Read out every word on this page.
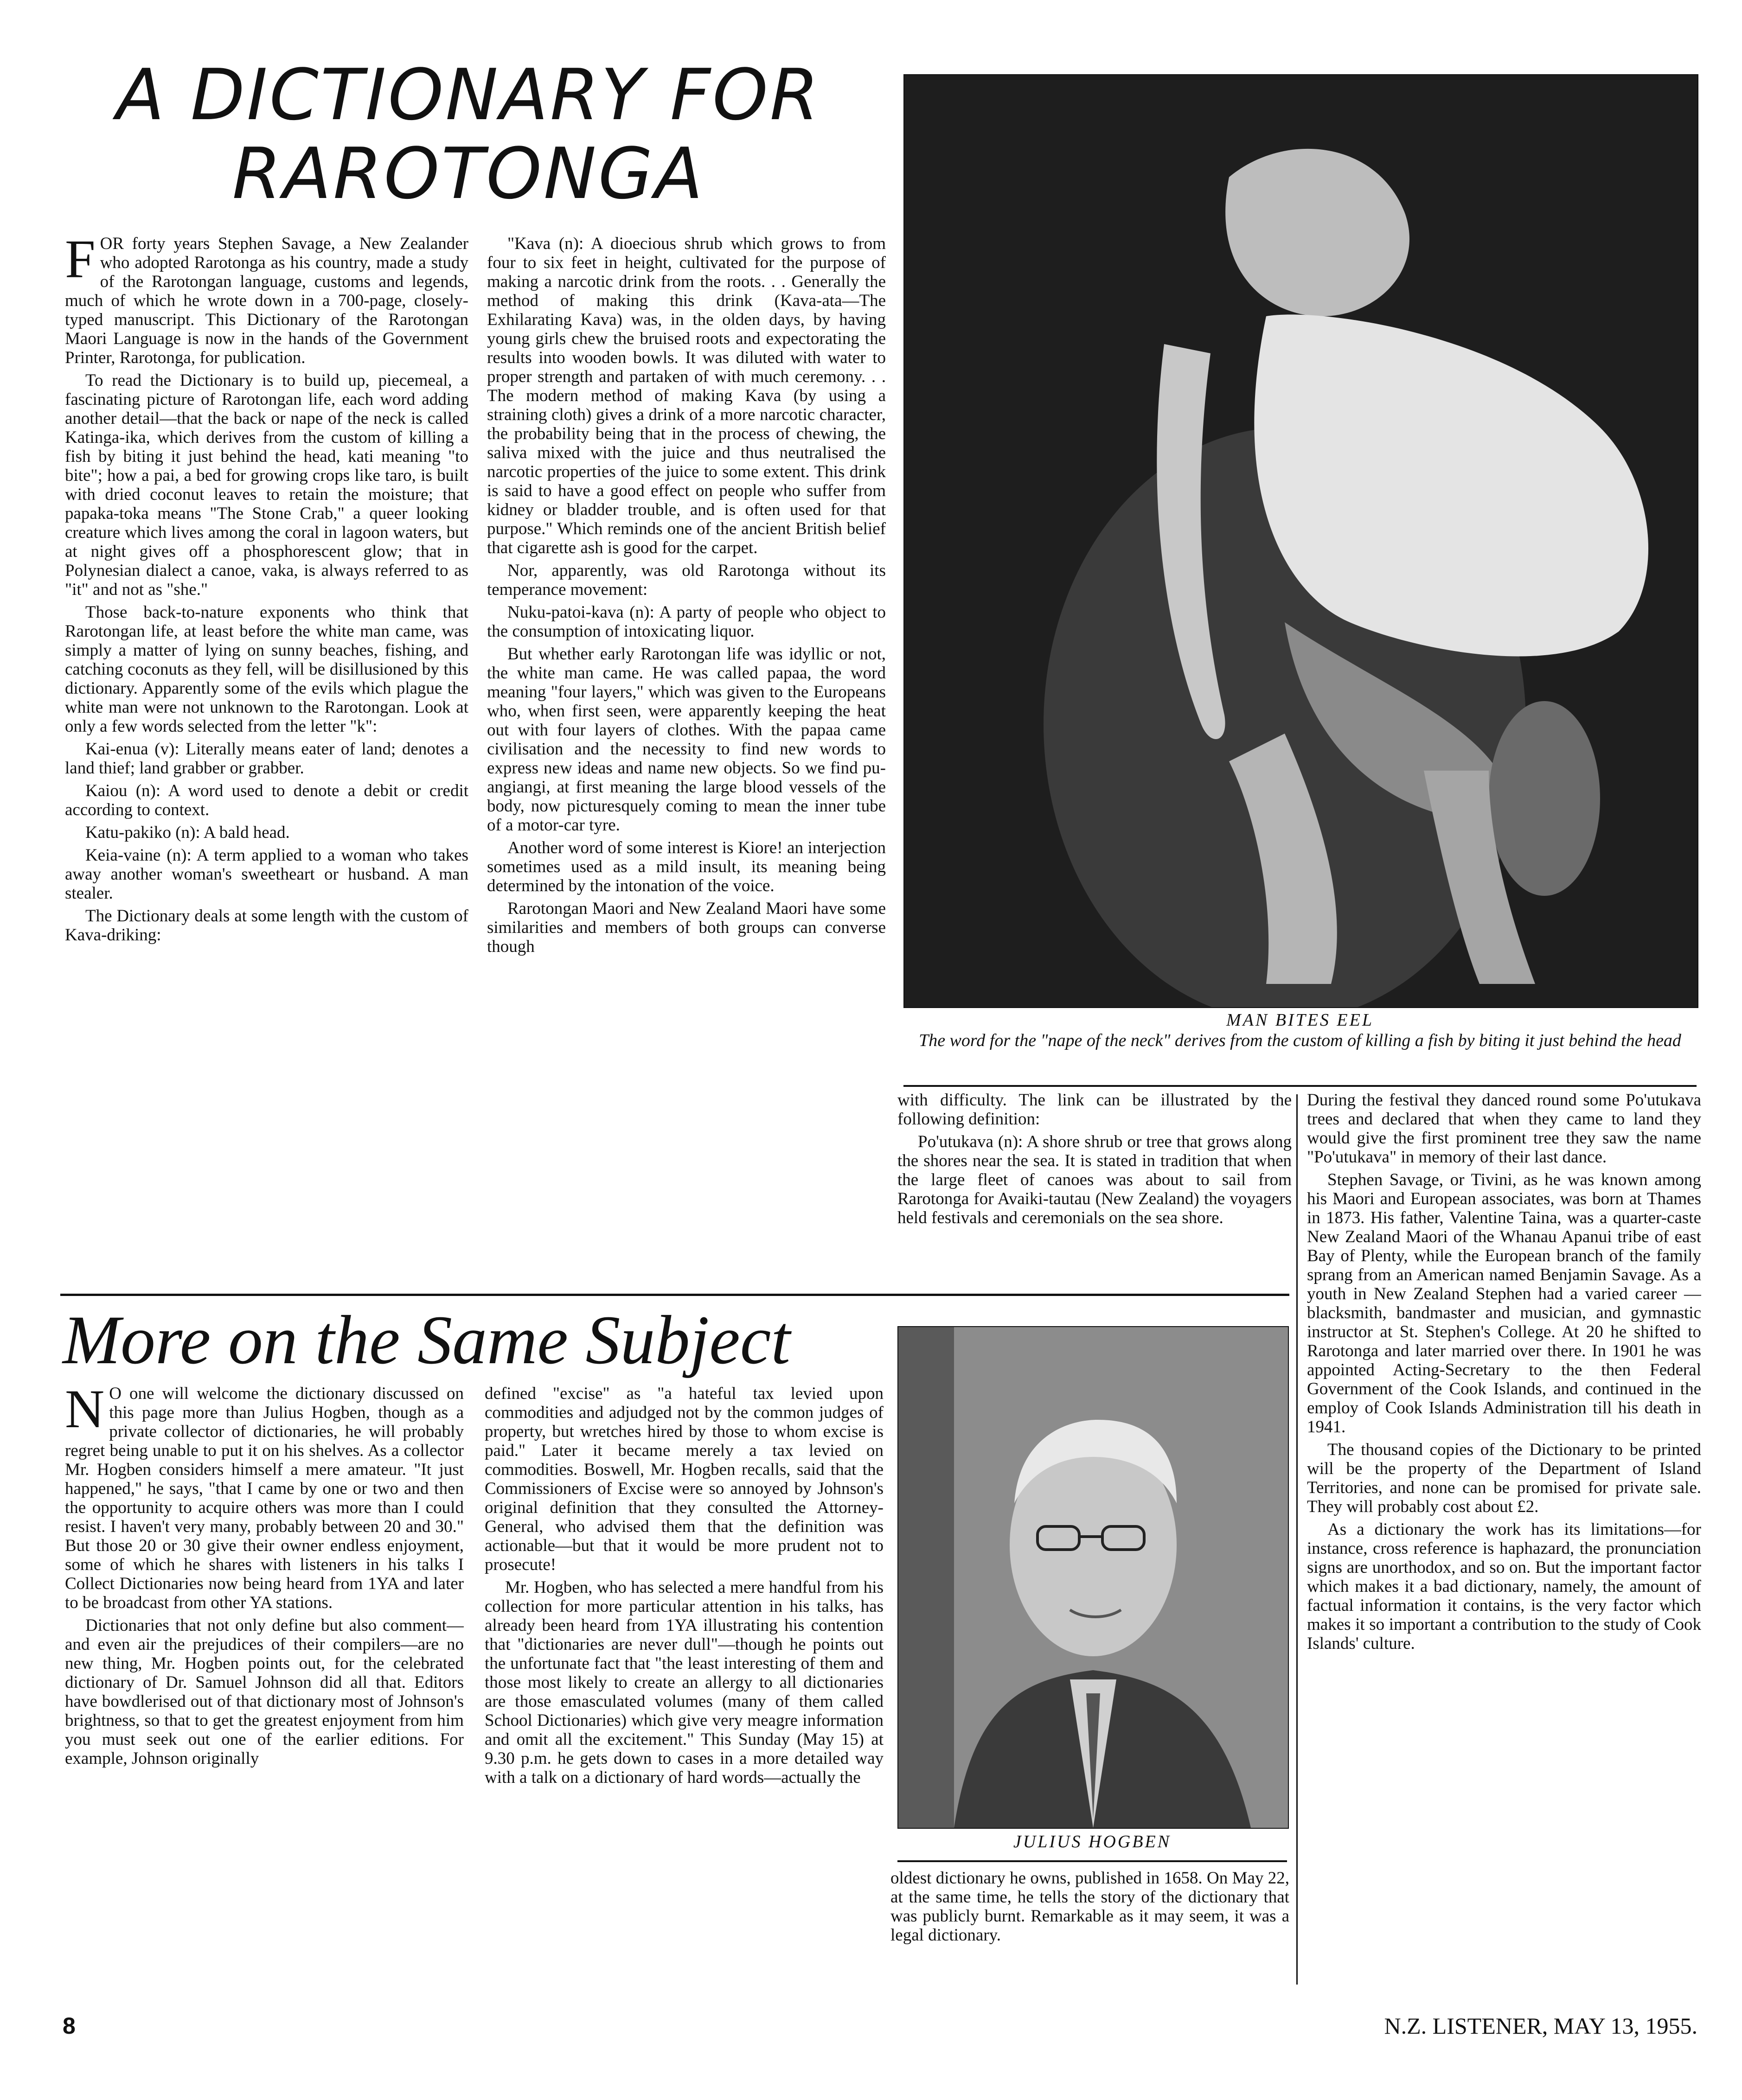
A DICTIONARY FOR
RAROTONGA

FOR forty years Stephen Savage, a New Zealander who adopted Rarotonga as his country, made a study of the Rarotongan language, customs and legends, much of which he wrote down in a 700-page, closely-typed manuscript. This Dictionary of the Rarotongan Maori Language is now in the hands of the Government Printer, Rarotonga, for publication.

To read the Dictionary is to build up, piecemeal, a fascinating picture of Rarotongan life, each word adding another detail—that the back or nape of the neck is called Katinga-ika, which derives from the custom of killing a fish by biting it just behind the head, kati meaning "to bite"; how a pai, a bed for growing crops like taro, is built with dried coconut leaves to retain the moisture; that papaka-toka means "The Stone Crab," a queer looking creature which lives among the coral in lagoon waters, but at night gives off a phosphorescent glow; that in Polynesian dialect a canoe, vaka, is always referred to as "it" and not as "she."

Those back-to-nature exponents who think that Rarotongan life, at least before the white man came, was simply a matter of lying on sunny beaches, fishing, and catching coconuts as they fell, will be disillusioned by this dictionary. Apparently some of the evils which plague the white man were not unknown to the Rarotongan. Look at only a few words selected from the letter "k":

Kai-enua (v): Literally means eater of land; denotes a land thief; land grabber or grabber.

Kaiou (n): A word used to denote a debit or credit according to context.

Katu-pakiko (n): A bald head.

Keia-vaine (n): A term applied to a woman who takes away another woman's sweetheart or husband. A man stealer.

The Dictionary deals at some length with the custom of Kava-driking:

"Kava (n): A dioecious shrub which grows to from four to six feet in height, cultivated for the purpose of making a narcotic drink from the roots. . . Generally the method of making this drink (Kava-ata—The Exhilarating Kava) was, in the olden days, by having young girls chew the bruised roots and expectorating the results into wooden bowls. It was diluted with water to proper strength and partaken of with much ceremony. . . The modern method of making Kava (by using a straining cloth) gives a drink of a more narcotic character, the probability being that in the process of chewing, the saliva mixed with the juice and thus neutralised the narcotic properties of the juice to some extent. This drink is said to have a good effect on people who suffer from kidney or bladder trouble, and is often used for that purpose." Which reminds one of the ancient British belief that cigarette ash is good for the carpet.

Nor, apparently, was old Rarotonga without its temperance movement:

Nuku-patoi-kava (n): A party of people who object to the consumption of intoxicating liquor.

But whether early Rarotongan life was idyllic or not, the white man came. He was called papaa, the word meaning "four layers," which was given to the Europeans who, when first seen, were apparently keeping the heat out with four layers of clothes. With the papaa came civilisation and the necessity to find new words to express new ideas and name new objects. So we find pu-angiangi, at first meaning the large blood vessels of the body, now picturesquely coming to mean the inner tube of a motor-car tyre.

Another word of some interest is Kiore! an interjection sometimes used as a mild insult, its meaning being determined by the intonation of the voice.

Rarotongan Maori and New Zealand Maori have some similarities and members of both groups can converse though

MAN BITES EEL
The word for the "nape of the neck" derives from the custom of killing a fish by biting it just behind the head

with difficulty. The link can be illustrated by the following definition:

Po'utukava (n): A shore shrub or tree that grows along the shores near the sea. It is stated in tradition that when the large fleet of canoes was about to sail from Rarotonga for Avaiki-tautau (New Zealand) the voyagers held festivals and ceremonials on the sea shore.

During the festival they danced round some Po'utukava trees and declared that when they came to land they would give the first prominent tree they saw the name "Po'utukava" in memory of their last dance.

Stephen Savage, or Tivini, as he was known among his Maori and European associates, was born at Thames in 1873. His father, Valentine Taina, was a quarter-caste New Zealand Maori of the Whanau Apanui tribe of east Bay of Plenty, while the European branch of the family sprang from an American named Benjamin Savage. As a youth in New Zealand Stephen had a varied career — blacksmith, bandmaster and musician, and gymnastic instructor at St. Stephen's College. At 20 he shifted to Rarotonga and later married over there. In 1901 he was appointed Acting-Secretary to the then Federal Government of the Cook Islands, and continued in the employ of Cook Islands Administration till his death in 1941.

The thousand copies of the Dictionary to be printed will be the property of the Department of Island Territories, and none can be promised for private sale. They will probably cost about £2.

As a dictionary the work has its limitations—for instance, cross reference is haphazard, the pronunciation signs are unorthodox, and so on. But the important factor which makes it a bad dictionary, namely, the amount of factual information it contains, is the very factor which makes it so important a contribution to the study of Cook Islands' culture.

More on the Same Subject

N O one will welcome the dictionary discussed on this page more than Julius Hogben, though as a private collector of dictionaries, he will probably regret being unable to put it on his shelves. As a collector Mr. Hogben considers himself a mere amateur. "It just happened," he says, "that I came by one or two and then the opportunity to acquire others was more than I could resist. I haven't very many, probably between 20 and 30." But those 20 or 30 give their owner endless enjoyment, some of which he shares with listeners in his talks I Collect Dictionaries now being heard from 1YA and later to be broadcast from other YA stations.

Dictionaries that not only define but also comment—and even air the prejudices of their compilers—are no new thing, Mr. Hogben points out, for the celebrated dictionary of Dr. Samuel Johnson did all that. Editors have bowdlerised out of that dictionary most of Johnson's brightness, so that to get the greatest enjoyment from him you must seek out one of the earlier editions. For example, Johnson originally

defined "excise" as "a hateful tax levied upon commodities and adjudged not by the common judges of property, but wretches hired by those to whom excise is paid." Later it became merely a tax levied on commodities. Boswell, Mr. Hogben recalls, said that the Commissioners of Excise were so annoyed by Johnson's original definition that they consulted the Attorney-General, who advised them that the definition was actionable—but that it would be more prudent not to prosecute!

Mr. Hogben, who has selected a mere handful from his collection for more particular attention in his talks, has already been heard from 1YA illustrating his contention that "dictionaries are never dull"—though he points out the unfortunate fact that "the least interesting of them and those most likely to create an allergy to all dictionaries are those emasculated volumes (many of them called School Dictionaries) which give very meagre information and omit all the excitement." This Sunday (May 15) at 9.30 p.m. he gets down to cases in a more detailed way with a talk on a dictionary of hard words—actually the

JULIUS HOGBEN

oldest dictionary he owns, published in 1658. On May 22, at the same time, he tells the story of the dictionary that was publicly burnt. Remarkable as it may seem, it was a legal dictionary.

8	N.Z. LISTENER, MAY 13, 1955.
